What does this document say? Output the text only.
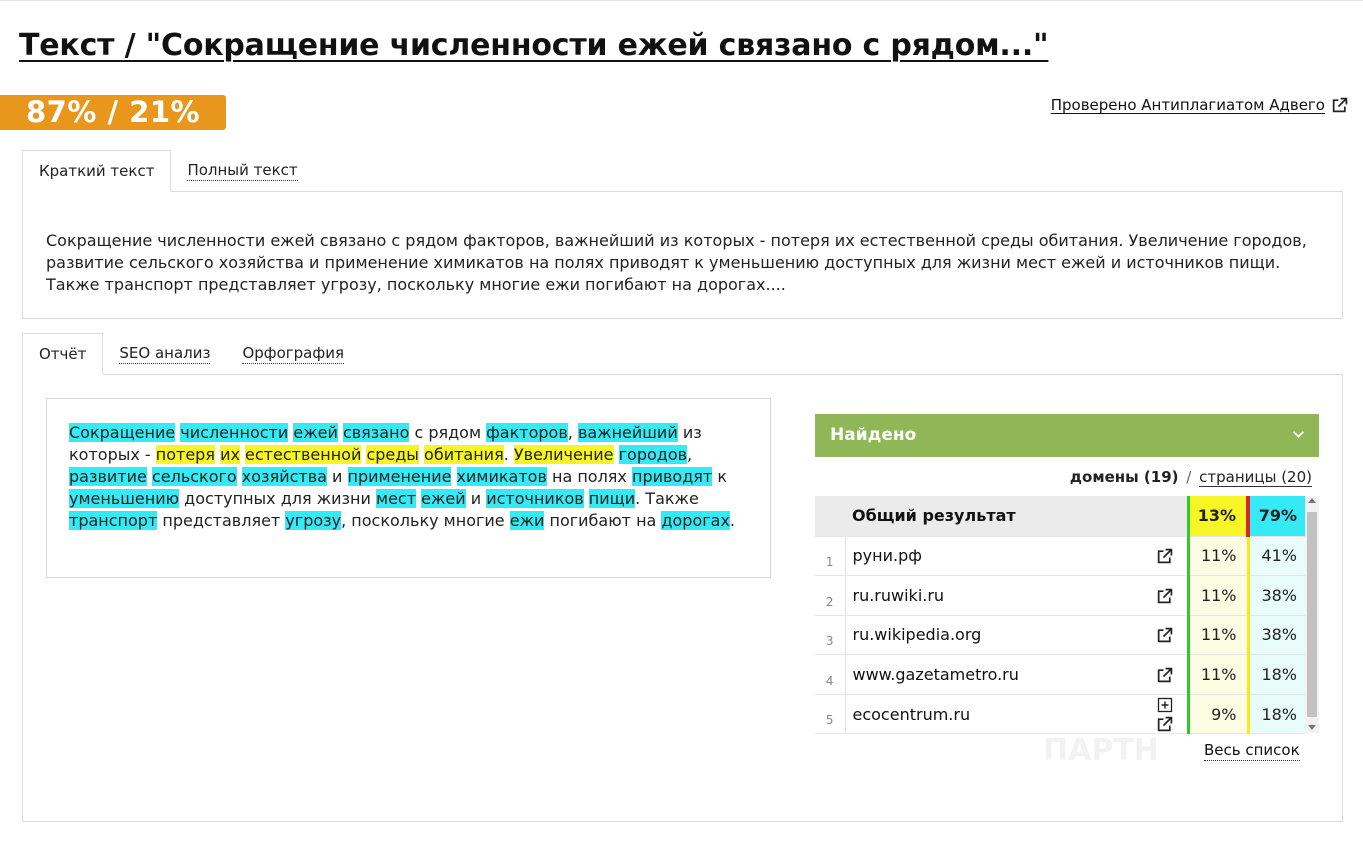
Текст / "Сокращение численности ежей связано с рядом..."
87% / 21%	Проверено Антиплагиатом Адвего
Краткий текст Полный текст

Сокращение численности ежей связано с рядом факторов, важнейший из которых - потеря их естественной среды обитания. Увеличение городов, развитие сельского хозяйства и применение химикатов на полях приводят к уменьшению доступных для жизни мест ежей и источников пищи. Также транспорт представляет угрозу, поскольку многие ежи погибают на дорогах....

Отчёт SEO анализ Орфография

Сокращение численности ежей связано с рядом факторов, важнейший из которых - потеря их естественной среды обитания. Увеличение городов, развитие сельского хозяйства и применение химикатов на полях приводят к уменьшению доступных для жизни мест ежей и источников пищи. Также транспорт представляет угрозу, поскольку многие ежи погибают на дорогах.

Найдено
домены (19) / страницы (20)
	Общий результат		13%	79%
1	руни.рф		11%	41%
2	ru.ruwiki.ru		11%	38%
3	ru.wikipedia.org		11%	38%
4	www.gazetametro.ru		11%	18%
5	ecocentrum.ru		9%	18%
ПАРТН	Весь список
